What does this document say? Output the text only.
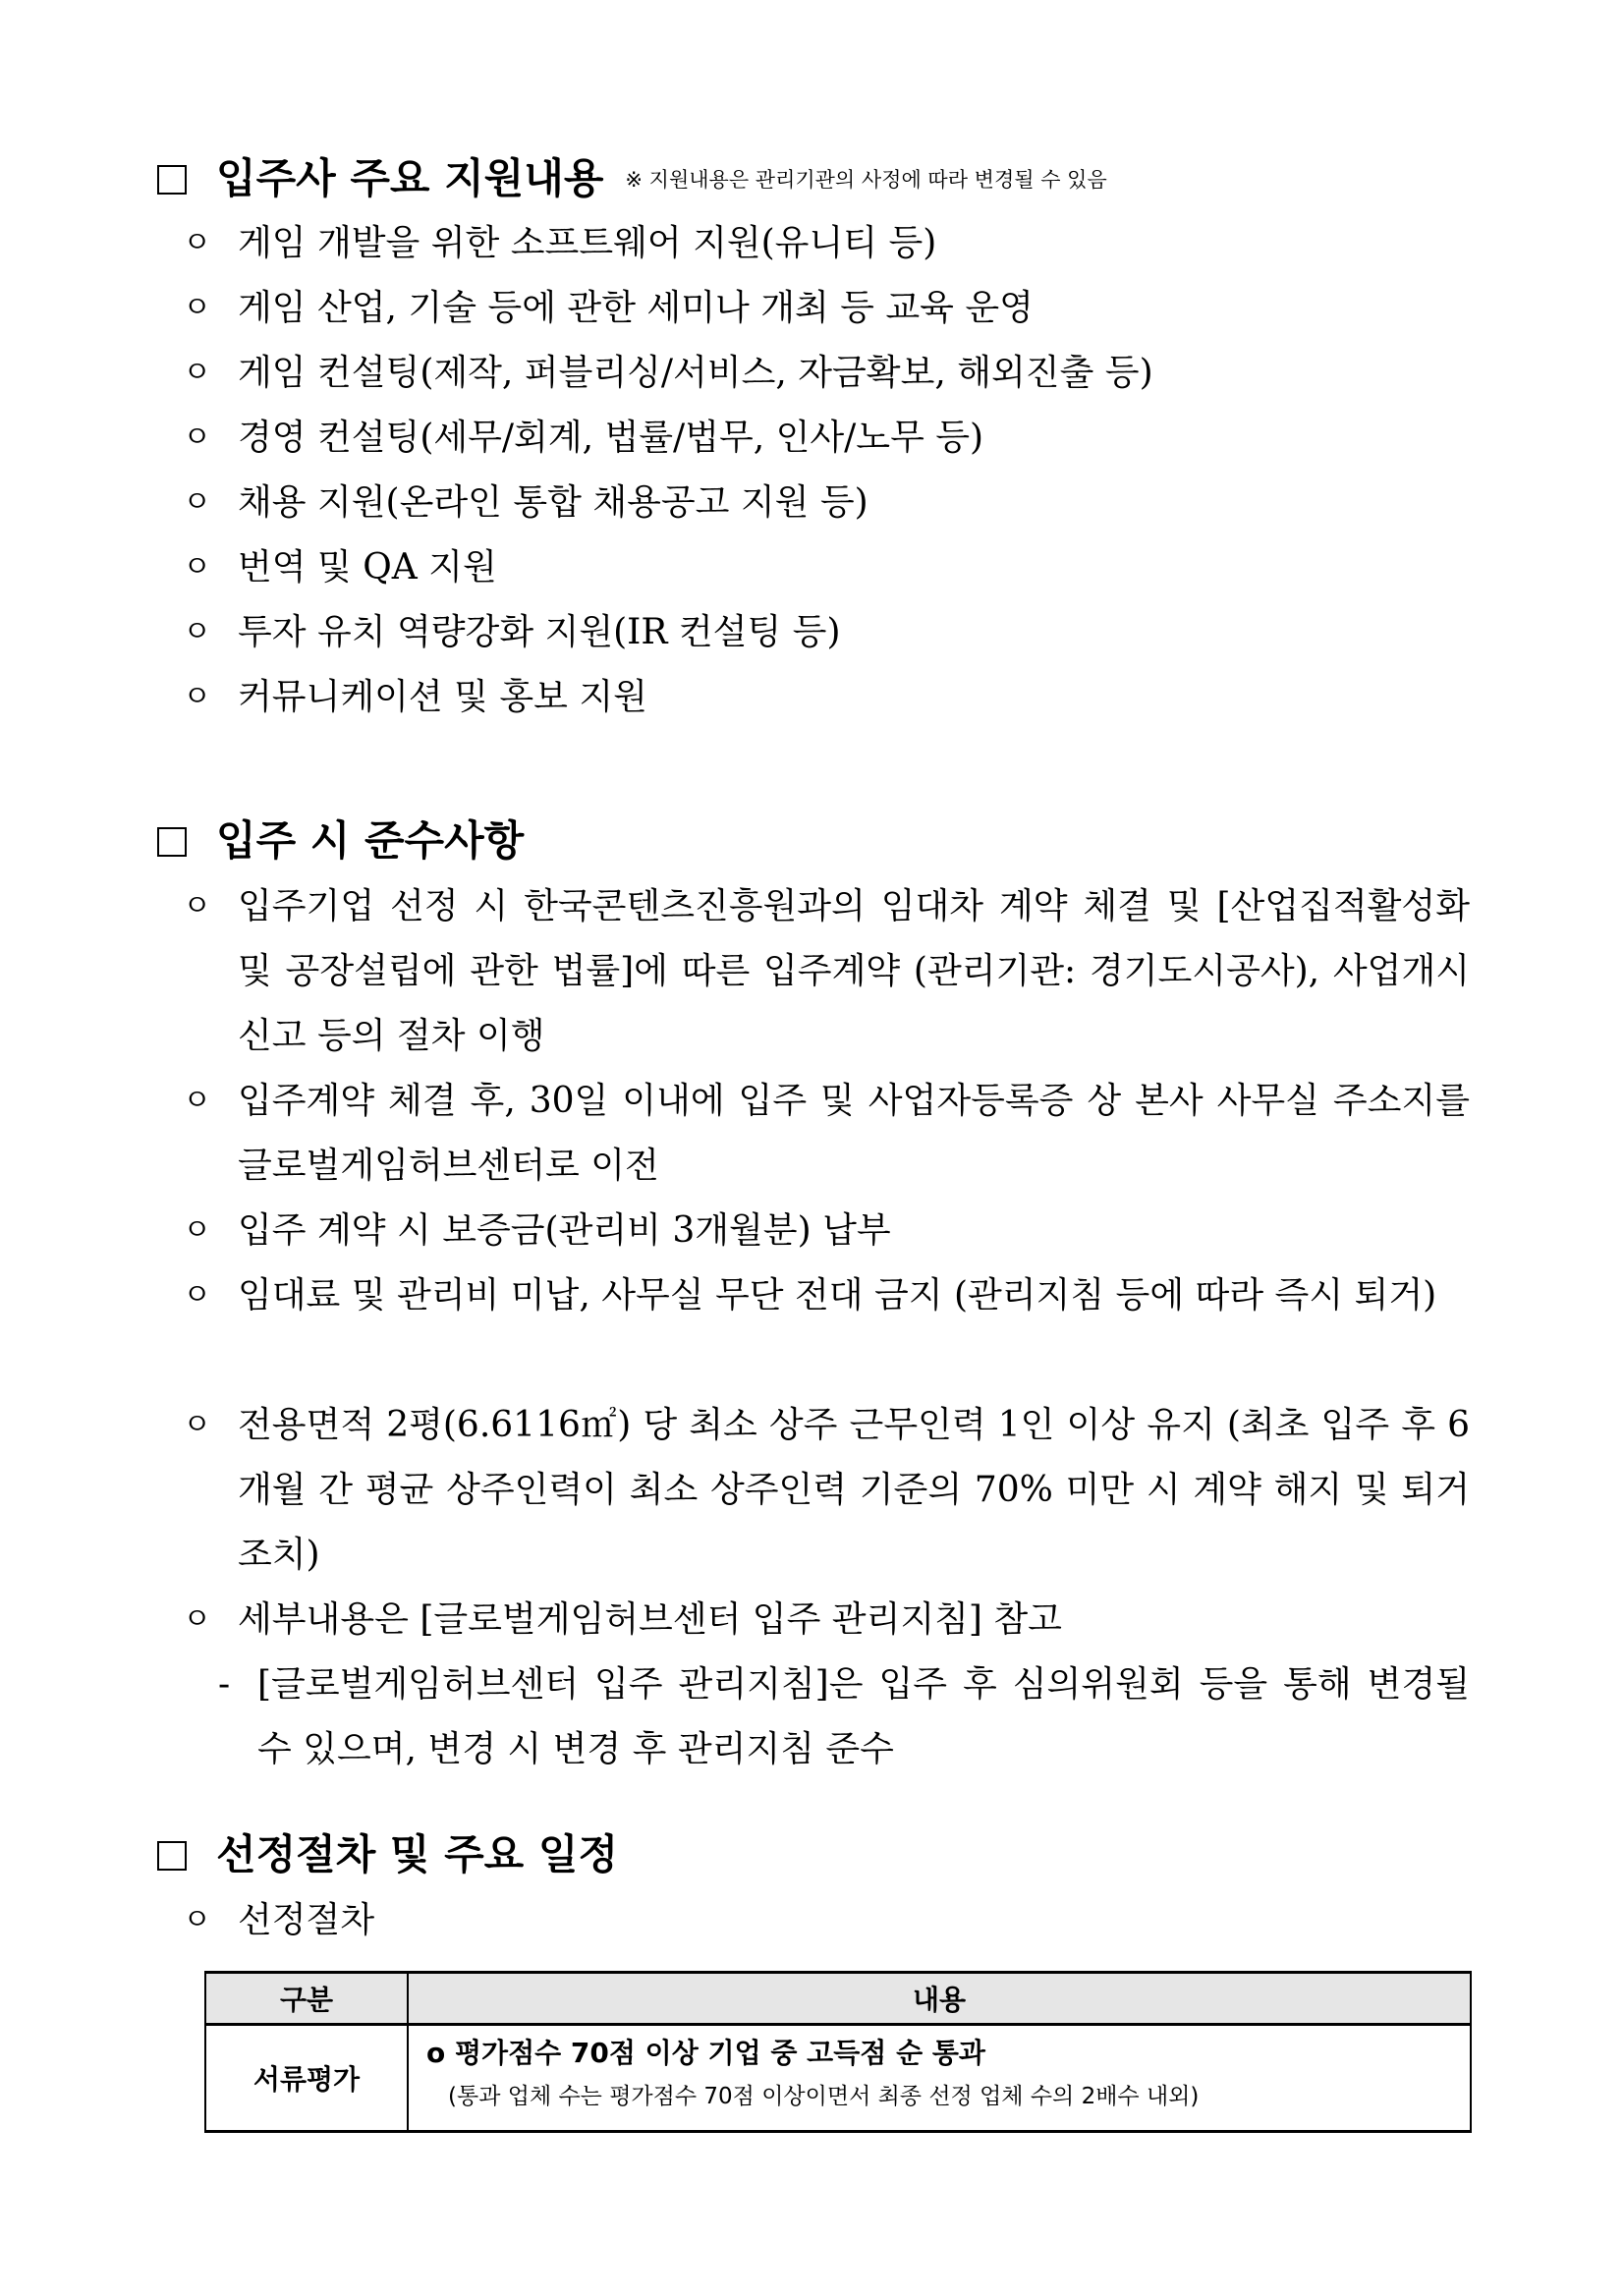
입주사 주요 지원내용 ※ 지원내용은 관리기관의 사정에 따라 변경될 수 있음
ㅇ 게임 개발을 위한 소프트웨어 지원(유니티 등)
ㅇ 게임 산업, 기술 등에 관한 세미나 개최 등 교육 운영
ㅇ 게임 컨설팅(제작, 퍼블리싱/서비스, 자금확보, 해외진출 등)
ㅇ 경영 컨설팅(세무/회계, 법률/법무, 인사/노무 등)
ㅇ 채용 지원(온라인 통합 채용공고 지원 등)
ㅇ 번역 및 QA 지원
ㅇ 투자 유치 역량강화 지원(IR 컨설팅 등)
ㅇ 커뮤니케이션 및 홍보 지원
입주 시 준수사항
ㅇ 입주기업 선정 시 한국콘텐츠진흥원과의 임대차 계약 체결 및 [산업집적활성화 및 공장설립에 관한 법률]에 따른 입주계약 (관리기관: 경기도시공사), 사업개시신고 등의 절차 이행
ㅇ 입주계약 체결 후, 30일 이내에 입주 및 사업자등록증 상 본사 사무실 주소지를 글로벌게임허브센터로 이전
ㅇ 입주 계약 시 보증금(관리비 3개월분) 납부
ㅇ 임대료 및 관리비 미납, 사무실 무단 전대 금지 (관리지침 등에 따라 즉시 퇴거)
ㅇ 전용면적 2평(6.6116㎡) 당 최소 상주 근무인력 1인 이상 유지 (최초 입주 후 6개월 간 평균 상주인력이 최소 상주인력 기준의 70% 미만 시 계약 해지 및 퇴거 조치)
ㅇ 세부내용은 [글로벌게임허브센터 입주 관리지침] 참고
- [글로벌게임허브센터 입주 관리지침]은 입주 후 심의위원회 등을 통해 변경될 수 있으며, 변경 시 변경 후 관리지침 준수
선정절차 및 주요 일정
ㅇ 선정절차
구분	내용
서류평가	o 평가점수 70점 이상 기업 중 고득점 순 통과
(통과 업체 수는 평가점수 70점 이상이면서 최종 선정 업체 수의 2배수 내외)
